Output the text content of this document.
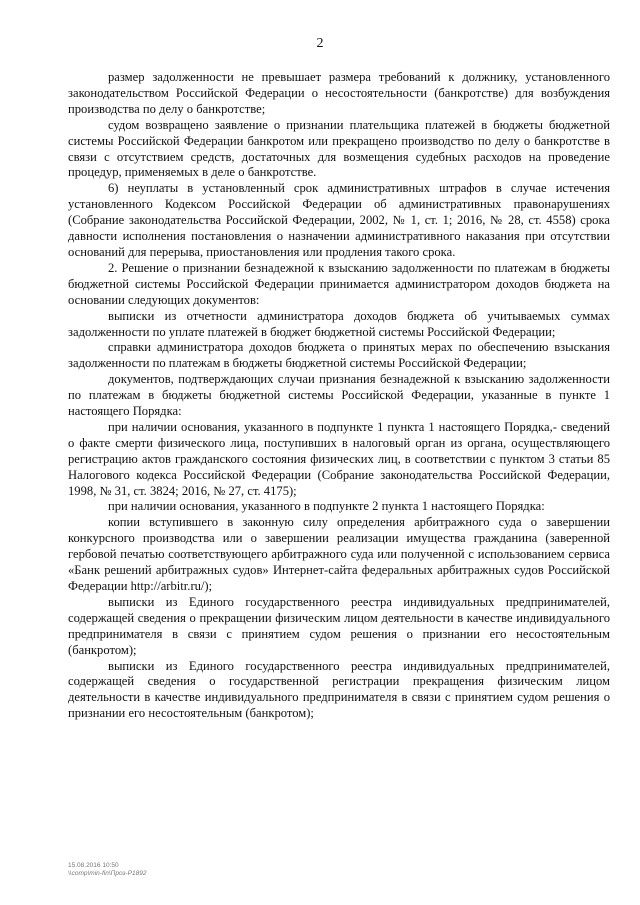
2

размер задолженности не превышает размера требований к должнику, установленного законодательством Российской Федерации о несостоятельности (банкротстве) для возбуждения производства по делу о банкротстве;

судом возвращено заявление о признании плательщика платежей в бюджеты бюджетной системы Российской Федерации банкротом или прекращено производство по делу о банкротстве в связи с отсутствием средств, достаточных для возмещения судебных расходов на проведение процедур, применяемых в деле о банкротстве.

6) неуплаты в установленный срок административных штрафов в случае истечения установленного Кодексом Российской Федерации об административных правонарушениях (Собрание законодательства Российской Федерации, 2002, № 1, ст. 1; 2016, № 28, ст. 4558) срока давности исполнения постановления о назначении административного наказания при отсутствии оснований для перерыва, приостановления или продления такого срока.

2. Решение о признании безнадежной к взысканию задолженности по платежам в бюджеты бюджетной системы Российской Федерации принимается администратором доходов бюджета на основании следующих документов:

выписки из отчетности администратора доходов бюджета об учитываемых суммах задолженности по уплате платежей в бюджет бюджетной системы Российской Федерации;

справки администратора доходов бюджета о принятых мерах по обеспечению взыскания задолженности по платежам в бюджеты бюджетной системы Российской Федерации;

документов, подтверждающих случаи признания безнадежной к взысканию задолженности по платежам в бюджеты бюджетной системы Российской Федерации, указанные в пункте 1 настоящего Порядка:

при наличии основания, указанного в подпункте 1 пункта 1 настоящего Порядка,- сведений о факте смерти физического лица, поступивших в налоговый орган из органа, осуществляющего регистрацию актов гражданского состояния физических лиц, в соответствии с пунктом 3 статьи 85 Налогового кодекса Российской Федерации (Собрание законодательства Российской Федерации, 1998, № 31, ст. 3824; 2016, № 27, ст. 4175);

при наличии основания, указанного в подпункте 2 пункта 1 настоящего Порядка:

копии вступившего в законную силу определения арбитражного суда о завершении конкурсного производства или о завершении реализации имущества гражданина (заверенной гербовой печатью соответствующего арбитражного суда или полученной с использованием сервиса «Банк решений арбитражных судов» Интернет-сайта федеральных арбитражных судов Российской Федерации http://arbitr.ru/);

выписки из Единого государственного реестра индивидуальных предпринимателей, содержащей сведения о прекращении физическим лицом деятельности в качестве индивидуального предпринимателя в связи с принятием судом решения о признании его несостоятельным (банкротом);

выписки из Единого государственного реестра индивидуальных предпринимателей, содержащей сведения о государственной регистрации прекращения физическим лицом деятельности в качестве индивидуального предпринимателя в связи с принятием судом решения о признании его несостоятельным (банкротом);

15.08.2016 10:50
\\comp\min-fin\Проз-Р1892
